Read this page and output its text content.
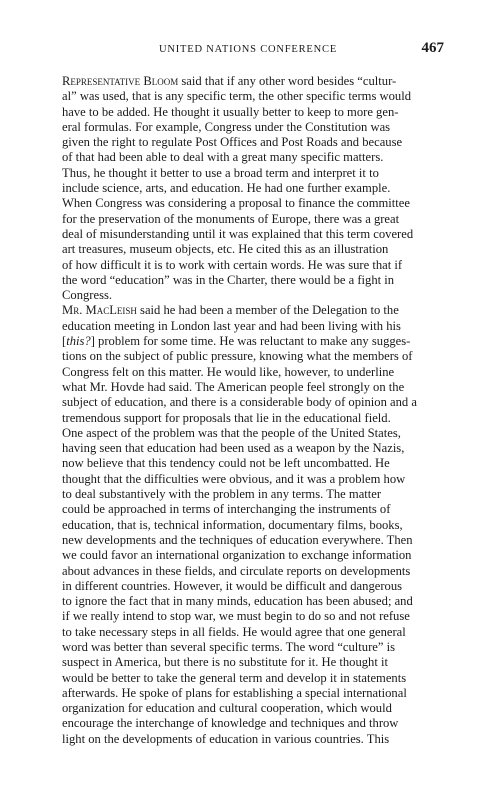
UNITED NATIONS CONFERENCE	467

Representative Bloom said that if any other word besides “cultur-
al” was used, that is any specific term, the other specific terms would
have to be added. He thought it usually better to keep to more gen-
eral formulas. For example, Congress under the Constitution was
given the right to regulate Post Offices and Post Roads and because
of that had been able to deal with a great many specific matters.
Thus, he thought it better to use a broad term and interpret it to
include science, arts, and education. He had one further example.
When Congress was considering a proposal to finance the committee
for the preservation of the monuments of Europe, there was a great
deal of misunderstanding until it was explained that this term covered
art treasures, museum objects, etc. He cited this as an illustration
of how difficult it is to work with certain words. He was sure that if
the word “education” was in the Charter, there would be a fight in
Congress.

Mr. MacLeish said he had been a member of the Delegation to the
education meeting in London last year and had been living with his
[this?] problem for some time. He was reluctant to make any sugges-
tions on the subject of public pressure, knowing what the members of
Congress felt on this matter. He would like, however, to underline
what Mr. Hovde had said. The American people feel strongly on the
subject of education, and there is a considerable body of opinion and a
tremendous support for proposals that lie in the educational field.
One aspect of the problem was that the people of the United States,
having seen that education had been used as a weapon by the Nazis,
now believe that this tendency could not be left uncombatted. He
thought that the difficulties were obvious, and it was a problem how
to deal substantively with the problem in any terms. The matter
could be approached in terms of interchanging the instruments of
education, that is, technical information, documentary films, books,
new developments and the techniques of education everywhere. Then
we could favor an international organization to exchange information
about advances in these fields, and circulate reports on developments
in different countries. However, it would be difficult and dangerous
to ignore the fact that in many minds, education has been abused; and
if we really intend to stop war, we must begin to do so and not refuse
to take necessary steps in all fields. He would agree that one general
word was better than several specific terms. The word “culture” is
suspect in America, but there is no substitute for it. He thought it
would be better to take the general term and develop it in statements
afterwards. He spoke of plans for establishing a special international
organization for education and cultural cooperation, which would
encourage the interchange of knowledge and techniques and throw
light on the developments of education in various countries. This
